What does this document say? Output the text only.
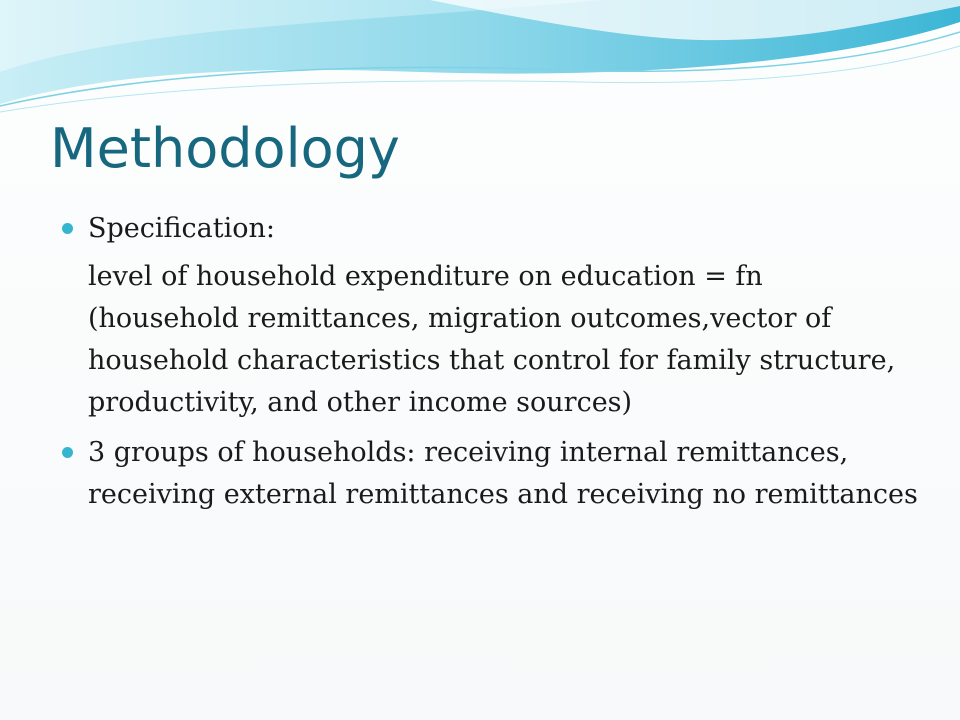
Methodology
Specification:
level of household expenditure on education = fn (household remittances, migration outcomes,vector of household characteristics that control for family structure, productivity, and other income sources)
3 groups of households: receiving internal remittances, receiving external remittances and receiving no remittances
